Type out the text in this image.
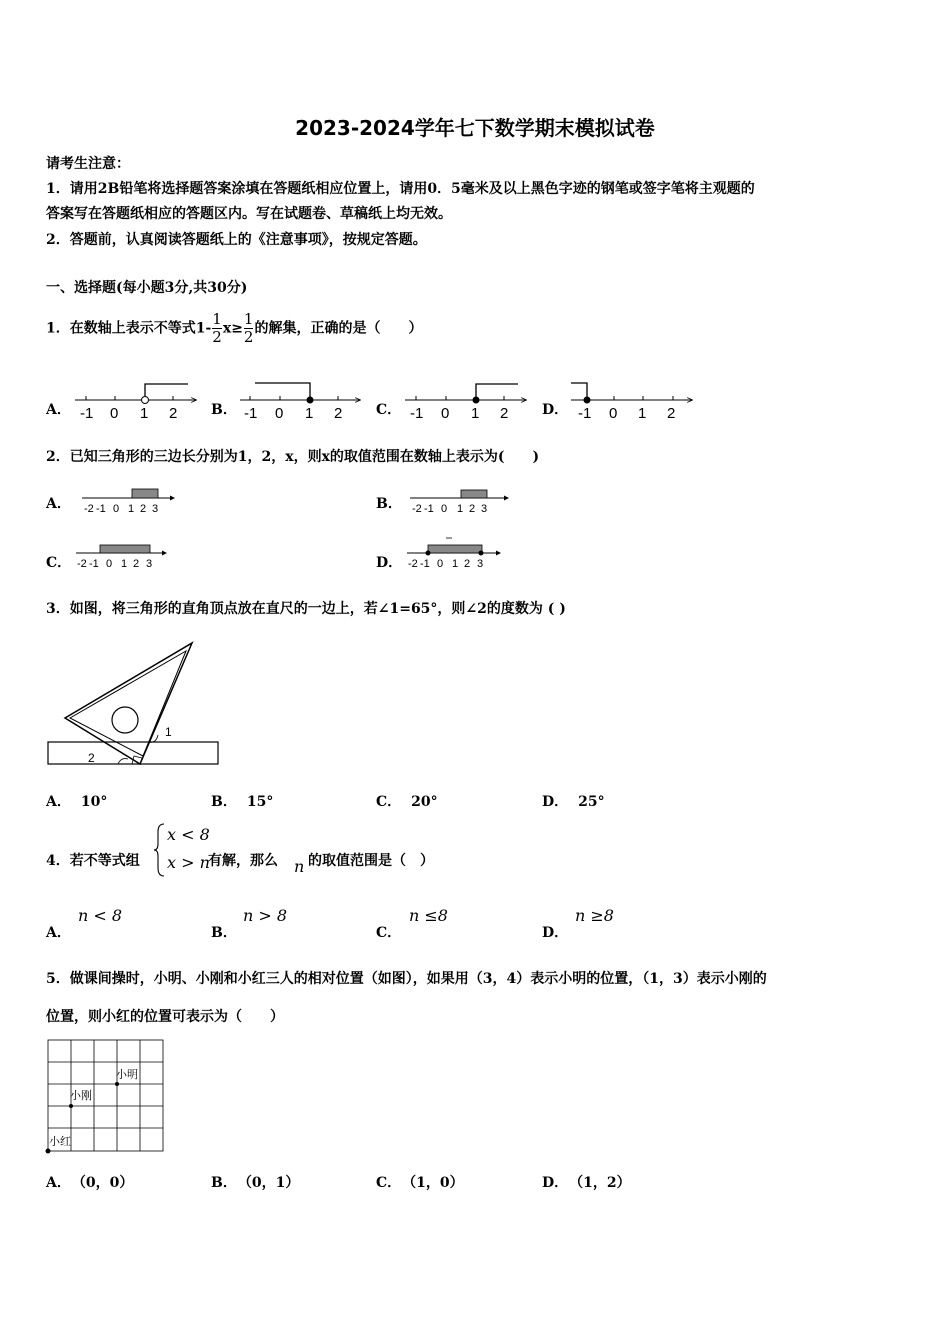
2023-2024学年七下数学期末模拟试卷
请考生注意：
1．请用2B铅笔将选择题答案涂填在答题纸相应位置上，请用0．5毫米及以上黑色字迹的钢笔或签字笔将主观题的
答案写在答题纸相应的答题区内。写在试题卷、草稿纸上均无效。
2．答题前，认真阅读答题纸上的《注意事项》，按规定答题。
一、选择题(每小题3分,共30分)
1．在数轴上表示不等式$1- \frac{1}{2} x\ge \frac{1}{2}$ 的解集，正确的是（　　）
A．	B．	C．	D．
-1 0 1 2	-1 0 1 2	-1 0 1 2	-1 0 1 2
2．已知三角形的三边长分别为1，2，x，则x的取值范围在数轴上表示为(　　)
A．	B．
C．	D．
-2 -1 0 1 2 3	-2 -1 0 1 2 3
-2 -1 0 1 2 3	-2 -1 0 1 2 3
3．如图，将三角形的直角顶点放在直尺的一边上，若∠1=65°，则∠2的度数为 ( )
1
2
A． 10°	B． 15°	C． 20°	D． 25°
4．若不等式组
x < 8
x > n
有解，那么 n 的取值范围是（　）
A．
n < 8
B．
n > 8
C．
n ≤8
D．
n ≥8
5．做课间操时，小明、小刚和小红三人的相对位置（如图），如果用（3，4）表示小明的位置，（1，3）表示小刚的
位置，则小红的位置可表示为（　　）
小明
小刚
小红
A． （0，0）	B． （0，1）	C． （1，0）	D． （1，2）
